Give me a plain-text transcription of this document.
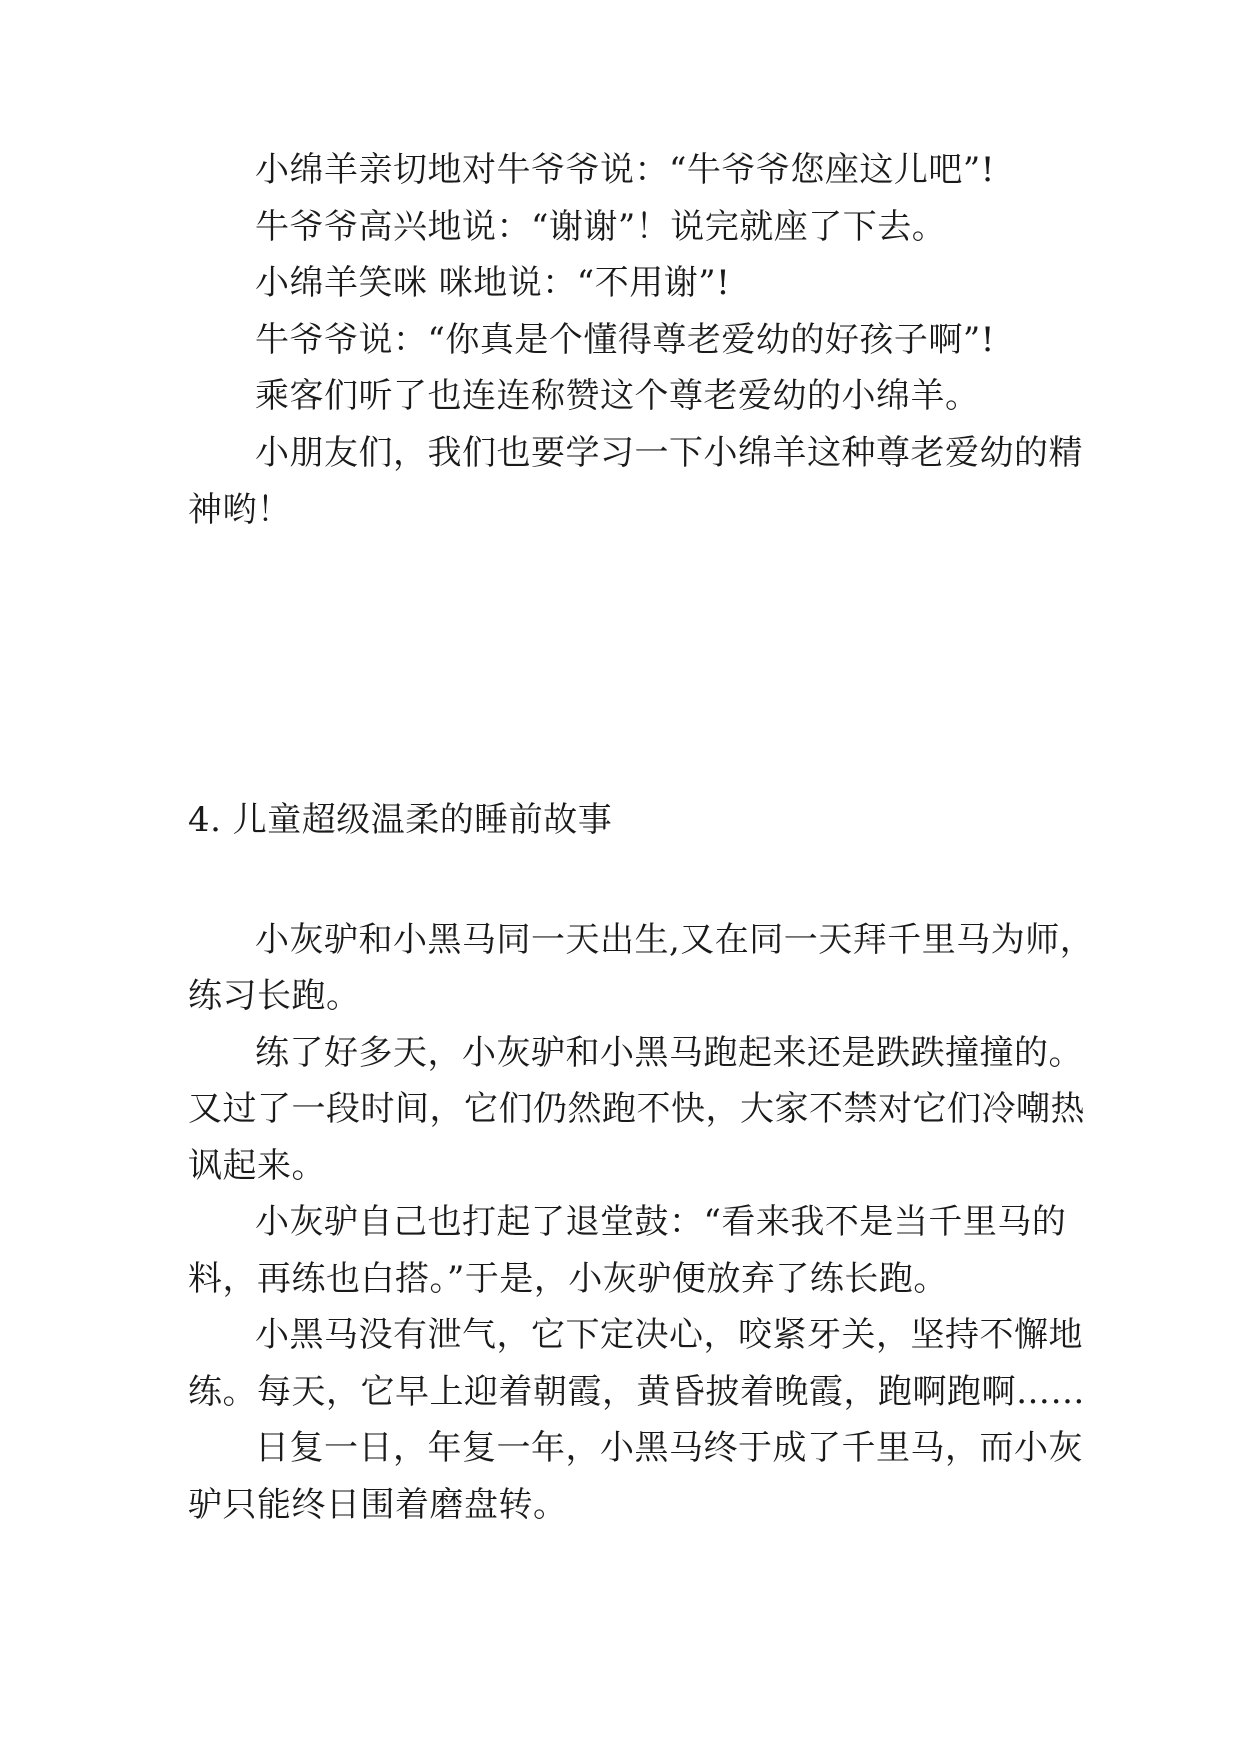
小绵羊亲切地对牛爷爷说：“牛爷爷您座这儿吧”!
牛爷爷高兴地说：“谢谢”！说完就座了下去。
小绵羊笑咪 咪地说：“不用谢”!
牛爷爷说：“你真是个懂得尊老爱幼的好孩子啊”!
乘客们听了也连连称赞这个尊老爱幼的小绵羊。
小朋友们，我们也要学习一下小绵羊这种尊老爱幼的精
神哟！
4. 儿童超级温柔的睡前故事
小灰驴和小黑马同一天出生,又在同一天拜千里马为师，
练习长跑。
练了好多天，小灰驴和小黑马跑起来还是跌跌撞撞的。
又过了一段时间，它们仍然跑不快，大家不禁对它们冷嘲热
讽起来。
小灰驴自己也打起了退堂鼓：“看来我不是当千里马的
料，再练也白搭。”于是，小灰驴便放弃了练长跑。
小黑马没有泄气，它下定决心，咬紧牙关，坚持不懈地
练。每天，它早上迎着朝霞，黄昏披着晚霞，跑啊跑啊……
日复一日，年复一年，小黑马终于成了千里马，而小灰
驴只能终日围着磨盘转。
